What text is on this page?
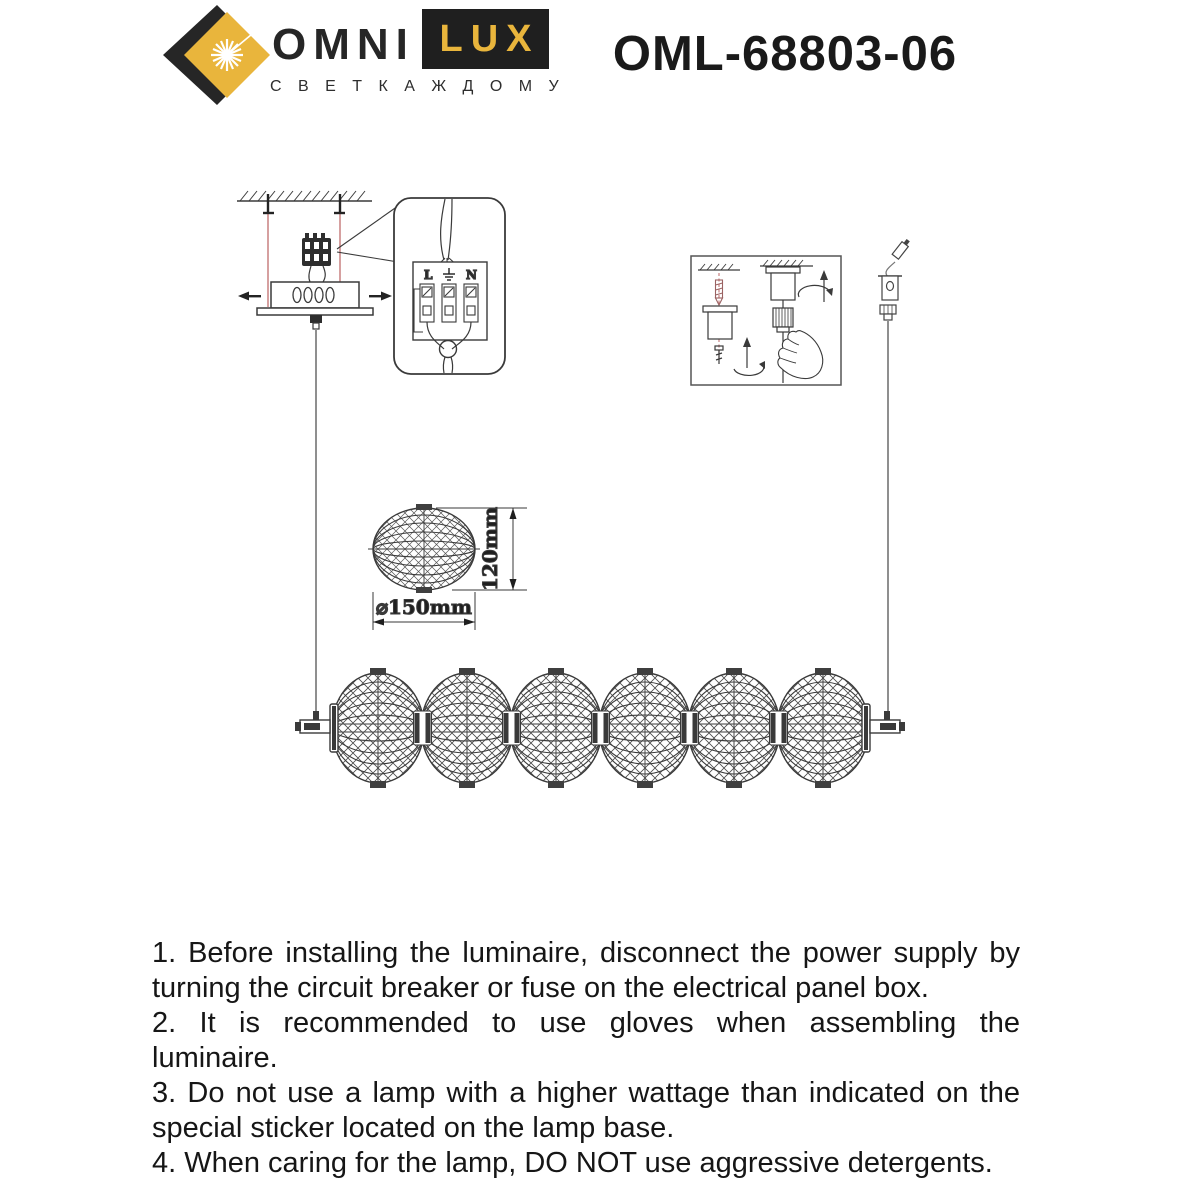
OMNI LUX
С В Е Т К А Ж Д О М У
OML-68803-06
L	N
120mm
⌀150mm
1. Before installing the luminaire, disconnect the power supply by
turning the circuit breaker or fuse on the electrical panel box.
2. It is recommended to use gloves when assembling the
luminaire.
3. Do not use a lamp with a higher wattage than indicated on the
special sticker located on the lamp base.
4. When caring for the lamp, DO NOT use aggressive detergents.
